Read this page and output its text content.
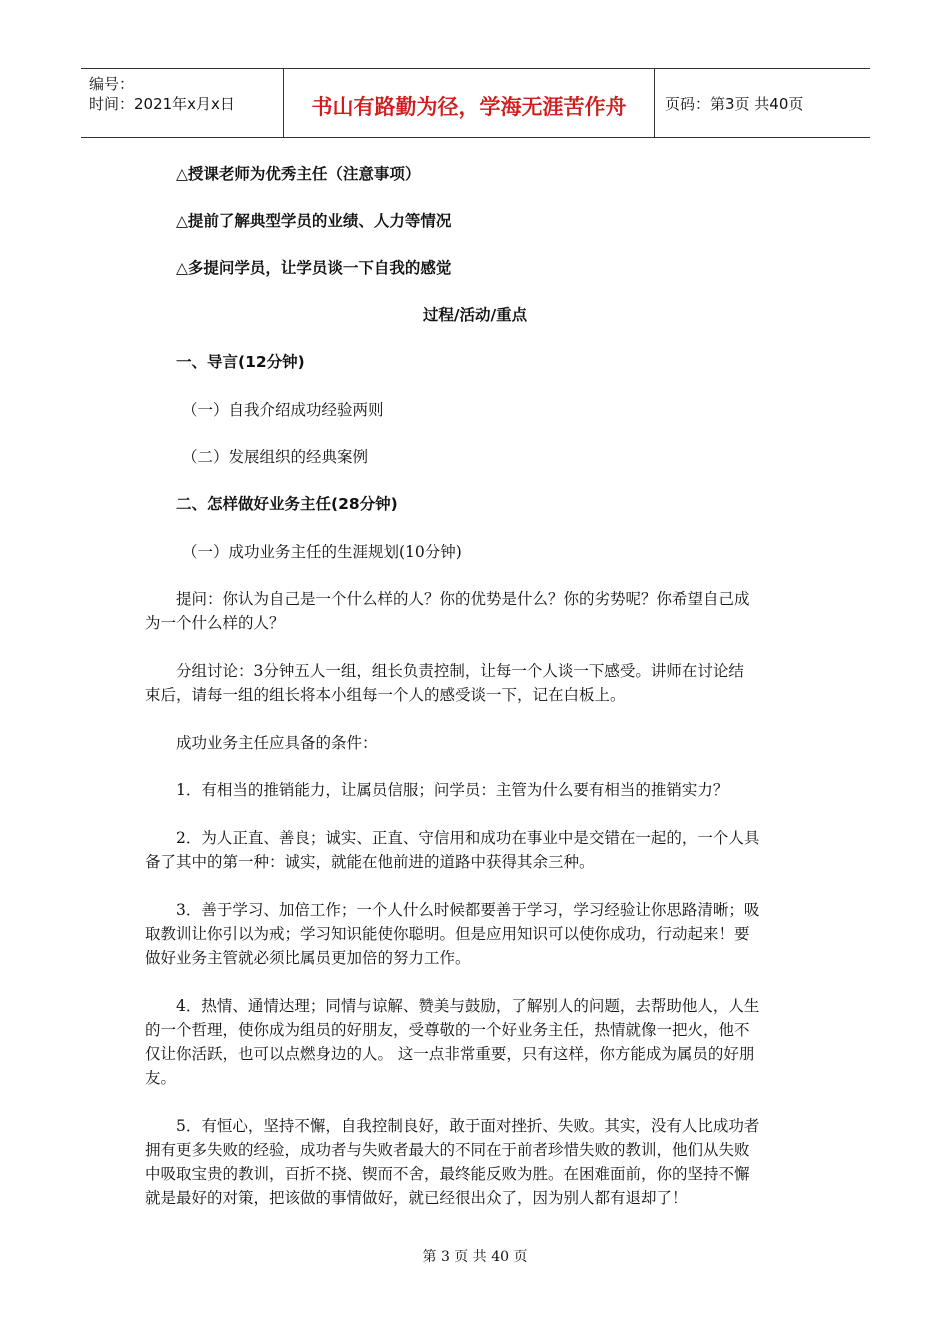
编号：
时间：2021年x月x日	书山有路勤为径，学海无涯苦作舟	页码：第3页 共40页
△授课老师为优秀主任（注意事项）
△提前了解典型学员的业绩、人力等情况
△多提问学员，让学员谈一下自我的感觉
过程/活动/重点
一、导言(12分钟)
（一）自我介绍成功经验两则
（二）发展组织的经典案例
二、怎样做好业务主任(28分钟)
（一）成功业务主任的生涯规划(10分钟)
提问：你认为自己是一个什么样的人？你的优势是什么？你的劣势呢？你希望自己成
为一个什么样的人？
分组讨论：3分钟五人一组，组长负责控制，让每一个人谈一下感受。讲师在讨论结
束后，请每一组的组长将本小组每一个人的感受谈一下，记在白板上。
成功业务主任应具备的条件：
1．有相当的推销能力，让属员信服；问学员：主管为什么要有相当的推销实力？
2．为人正直、善良；诚实、正直、守信用和成功在事业中是交错在一起的，一个人具
备了其中的第一种：诚实，就能在他前进的道路中获得其余三种。
3．善于学习、加倍工作；一个人什么时候都要善于学习，学习经验让你思路清晰；吸
取教训让你引以为戒；学习知识能使你聪明。但是应用知识可以使你成功，行动起来！要
做好业务主管就必须比属员更加倍的努力工作。
4．热情、通情达理；同情与谅解、赞美与鼓励，了解别人的问题，去帮助他人，人生
的一个哲理，使你成为组员的好朋友，受尊敬的一个好业务主任，热情就像一把火，他不
仅让你活跃，也可以点燃身边的人。 这一点非常重要，只有这样，你方能成为属员的好朋
友。
5．有恒心，坚持不懈，自我控制良好，敢于面对挫折、失败。其实，没有人比成功者
拥有更多失败的经验，成功者与失败者最大的不同在于前者珍惜失败的教训，他们从失败
中吸取宝贵的教训，百折不挠、锲而不舍，最终能反败为胜。在困难面前，你的坚持不懈
就是最好的对策，把该做的事情做好，就已经很出众了，因为别人都有退却了！
第 3 页 共 40 页
